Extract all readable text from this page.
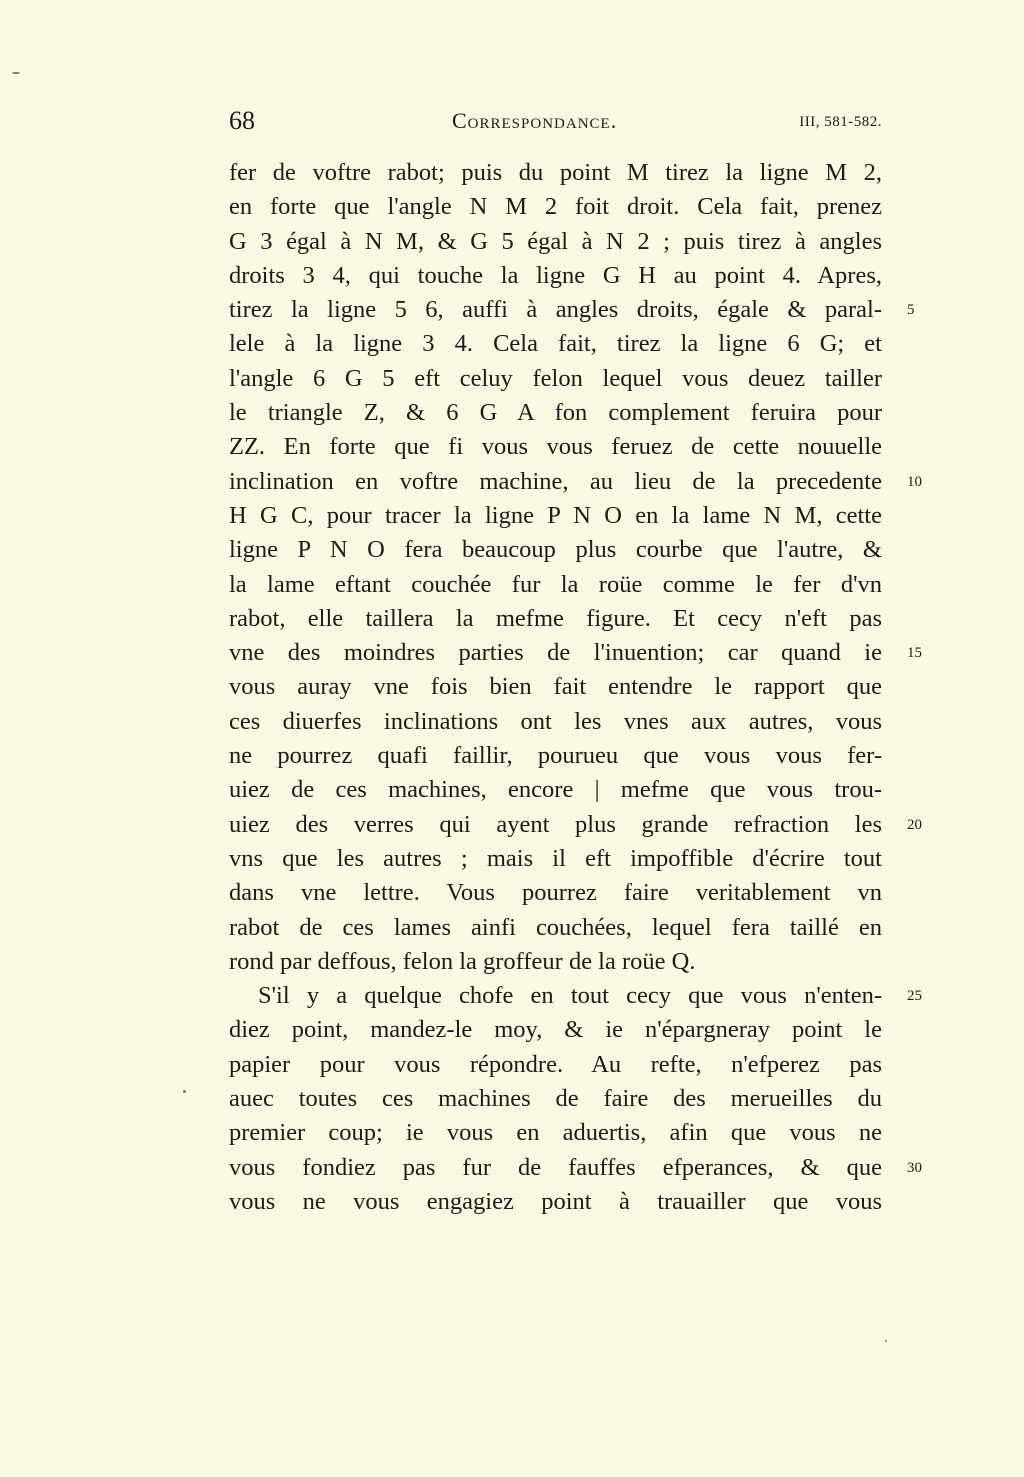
68	Correspondance.	III, 581-582.
fer de voftre rabot; puis du point M tirez la ligne M 2,
en forte que l'angle N M 2 foit droit. Cela fait, prenez
G 3 égal à N M, & G 5 égal à N 2 ; puis tirez à angles
droits 3 4, qui touche la ligne G H au point 4. Apres,
tirez la ligne 5 6, auffi à angles droits, égale & paral-
lele à la ligne 3 4. Cela fait, tirez la ligne 6 G; et
l'angle 6 G 5 eft celuy felon lequel vous deuez tailler
le triangle Z, & 6 G A fon complement feruira pour
ZZ. En forte que fi vous vous feruez de cette nouuelle
inclination en voftre machine, au lieu de la precedente
H G C, pour tracer la ligne P N O en la lame N M, cette
ligne P N O fera beaucoup plus courbe que l'autre, &
la lame eftant couchée fur la roüe comme le fer d'vn
rabot, elle taillera la mefme figure. Et cecy n'eft pas
vne des moindres parties de l'inuention; car quand ie
vous auray vne fois bien fait entendre le rapport que
ces diuerfes inclinations ont les vnes aux autres, vous
ne pourrez quafi faillir, pourueu que vous vous fer-
uiez de ces machines, encore | mefme que vous trou-
uiez des verres qui ayent plus grande refraction les
vns que les autres ; mais il eft impoffible d'écrire tout
dans vne lettre. Vous pourrez faire veritablement vn
rabot de ces lames ainfi couchées, lequel fera taillé en
rond par deffous, felon la groffeur de la roüe Q.
S'il y a quelque chofe en tout cecy que vous n'enten-
diez point, mandez-le moy, & ie n'épargneray point le
papier pour vous répondre. Au refte, n'efperez pas
auec toutes ces machines de faire des merueilles du
premier coup; ie vous en aduertis, afin que vous ne
vous fondiez pas fur de fauffes efperances, & que
vous ne vous engagiez point à trauailler que vous
5
10
15
20
25
30
